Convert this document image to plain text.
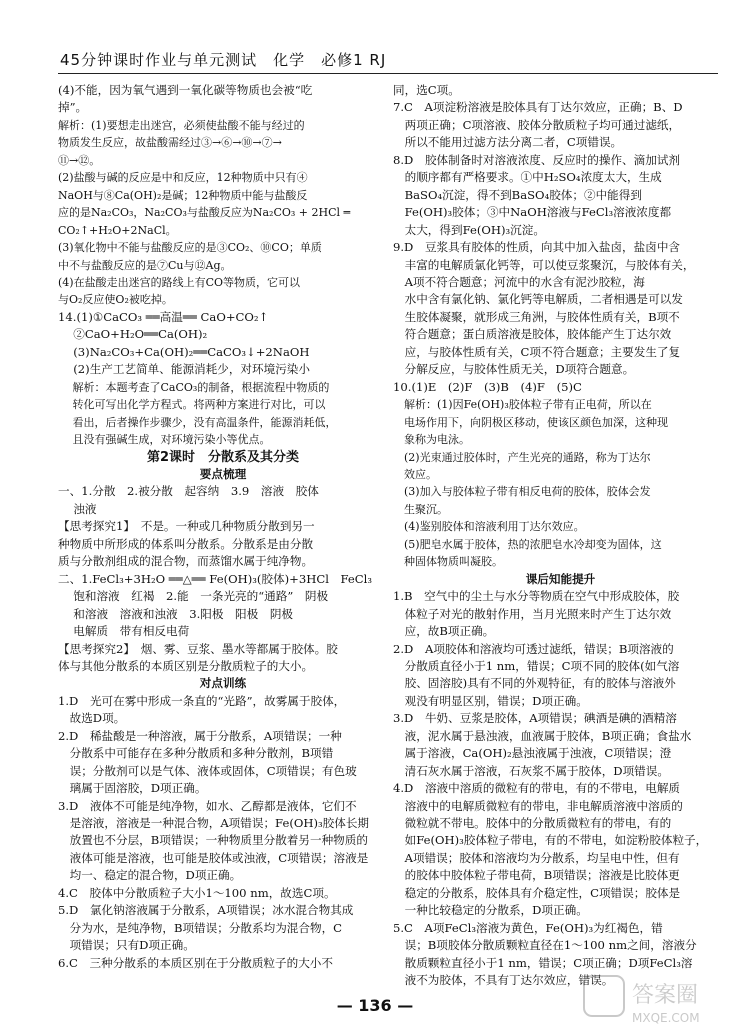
45分钟课时作业与单元测试　化学　必修1 RJ

(4)不能，因为氧气遇到一氧化碳等物质也会被“吃

掉”。

解析：(1)要想走出迷宫，必须使盐酸不能与经过的

物质发生反应，故盐酸需经过③→⑥→⑩→⑦→

⑪→⑫。

(2)盐酸与碱的反应是中和反应，12种物质中只有④

NaOH与⑧Ca(OH)₂是碱；12种物质中能与盐酸反

应的是Na₂CO₃，Na₂CO₃与盐酸反应为Na₂CO₃ + 2HCl ═

CO₂↑+H₂O+2NaCl。

(3)氧化物中不能与盐酸反应的是③CO₂、⑩CO；单质

中不与盐酸反应的是⑦Cu与⑫Ag。

(4)在盐酸走出迷宫的路线上有CO等物质，它可以

与O₂反应使O₂被吃掉。

14.(1)①CaCO₃ ══高温══ CaO+CO₂↑

　 ②CaO+H₂O══Ca(OH)₂

　 (3)Na₂CO₃+Ca(OH)₂══CaCO₃↓+2NaOH

　 (2)生产工艺简单、能源消耗少，对环境污染小

　 解析：本题考查了CaCO₃的制备，根据流程中物质的

　 转化可写出化学方程式。将两种方案进行对比，可以

　 看出，后者操作步骤少，没有高温条件，能源消耗低，

　 且没有强碱生成，对环境污染小等优点。

第2课时　分散系及其分类

要点梳理

一、1.分散　2.被分散　起容纳　3.9　溶液　胶体

　 浊液

【思考探究1】　不是。一种或几种物质分散到另一

种物质中所形成的体系叫分散系。分散系是由分散

质与分散剂组成的混合物，而蒸馏水属于纯净物。

二、1.FeCl₃+3H₂O ══△══ Fe(OH)₃(胶体)+3HCl　FeCl₃

　 饱和溶液　红褐　2.能　一条光亮的“通路”　阴极

　 和溶液　溶液和浊液　3.阳极　阳极　阴极

　 电解质　带有相反电荷

【思考探究2】　烟、雾、豆浆、墨水等都属于胶体。胶

体与其他分散系的本质区别是分散质粒子的大小。

对点训练

1.D　光可在雾中形成一条直的“光路”，故雾属于胶体，

　故选D项。

2.D　稀盐酸是一种溶液，属于分散系，A项错误；一种

　分散系中可能存在多种分散质和多种分散剂，B项错

　误；分散剂可以是气体、液体或固体，C项错误；有色玻

　璃属于固溶胶，D项正确。

3.D　液体不可能是纯净物，如水、乙醇都是液体，它们不

　是溶液，溶液是一种混合物，A项错误；Fe(OH)₃胶体长期

　放置也不分层，B项错误；一种物质里分散着另一种物质的

　液体可能是溶液，也可能是胶体或浊液，C项错误；溶液是

　均一、稳定的混合物，D项正确。

4.C　胶体中分散质粒子大小1～100 nm，故选C项。

5.D　氯化钠溶液属于分散系，A项错误；冰水混合物其成

　分为水，是纯净物，B项错误；分散系均为混合物，C

　项错误；只有D项正确。

6.C　三种分散系的本质区别在于分散质粒子的大小不

同，选C项。

7.C　A项淀粉溶液是胶体具有丁达尔效应，正确；B、D

　两项正确；C项溶液、胶体分散质粒子均可通过滤纸，

　所以不能用过滤方法分离二者，C项错误。

8.D　胶体制备时对溶液浓度、反应时的操作、滴加试剂

　的顺序都有严格要求。①中H₂SO₄浓度太大，生成

　BaSO₄沉淀，得不到BaSO₄胶体；②中能得到

　Fe(OH)₃胶体；③中NaOH溶液与FeCl₃溶液浓度都

　太大，得到Fe(OH)₃沉淀。

9.D　豆浆具有胶体的性质，向其中加入盐卤，盐卤中含

　丰富的电解质氯化钙等，可以使豆浆聚沉，与胶体有关，

　A项不符合题意；河流中的水含有泥沙胶粒，海

　水中含有氯化钠、氯化钙等电解质，二者相遇是可以发

　生胶体凝聚，就形成三角洲，与胶体性质有关，B项不

　符合题意；蛋白质溶液是胶体，胶体能产生丁达尔效

　应，与胶体性质有关，C项不符合题意；主要发生了复

　分解反应，与胶体性质无关，D项符合题意。

10.(1)E　(2)F　(3)B　(4)F　(5)C

　解析：(1)因Fe(OH)₃胶体粒子带有正电荷，所以在

　电场作用下，向阴极区移动，使该区颜色加深，这种现

　象称为电泳。

　(2)光束通过胶体时，产生光亮的通路，称为丁达尔

　效应。

　(3)加入与胶体粒子带有相反电荷的胶体，胶体会发

　生聚沉。

　(4)鉴别胶体和溶液利用丁达尔效应。

　(5)肥皂水属于胶体，热的浓肥皂水冷却变为固体，这

　种固体物质叫凝胶。

课后知能提升

1.B　空气中的尘土与水分等物质在空气中形成胶体，胶

　体粒子对光的散射作用，当月光照来时产生丁达尔效

　应，故B项正确。

2.D　A项胶体和溶液均可透过滤纸，错误；B项溶液的

　分散质直径小于1 nm，错误；C项不同的胶体(如气溶

　胶、固溶胶)具有不同的外观特征，有的胶体与溶液外

　观没有明显区别，错误；D项正确。

3.D　牛奶、豆浆是胶体，A项错误；碘酒是碘的酒精溶

　液，泥水属于悬浊液，血液属于胶体，B项正确；食盐水

　属于溶液，Ca(OH)₂悬浊液属于浊液，C项错误；澄

　清石灰水属于溶液，石灰浆不属于胶体，D项错误。

4.D　溶液中溶质的微粒有的带电，有的不带电，电解质

　溶液中的电解质微粒有的带电，非电解质溶液中溶质的

　微粒就不带电。胶体中的分散质微粒有的带电，有的

　如Fe(OH)₃胶体粒子带电，有的不带电，如淀粉胶体粒子，

　A项错误；胶体和溶液均为分散系，均呈电中性，但有

　的胶体中胶体粒子带电荷，B项错误；溶液是比胶体更

　稳定的分散系，胶体具有介稳定性，C项错误；胶体是

　一种比较稳定的分散系，D项正确。

5.C　A项FeCl₃溶液为黄色，Fe(OH)₃为红褐色，错

　误；B项胶体分散质颗粒直径在1～100 nm之间，溶液分

　散质颗粒直径小于1 nm，错误；C项正确；D项FeCl₃溶

　液不为胶体，不具有丁达尔效应，错误。

— 136 —	答案圈
MXQE.COM
